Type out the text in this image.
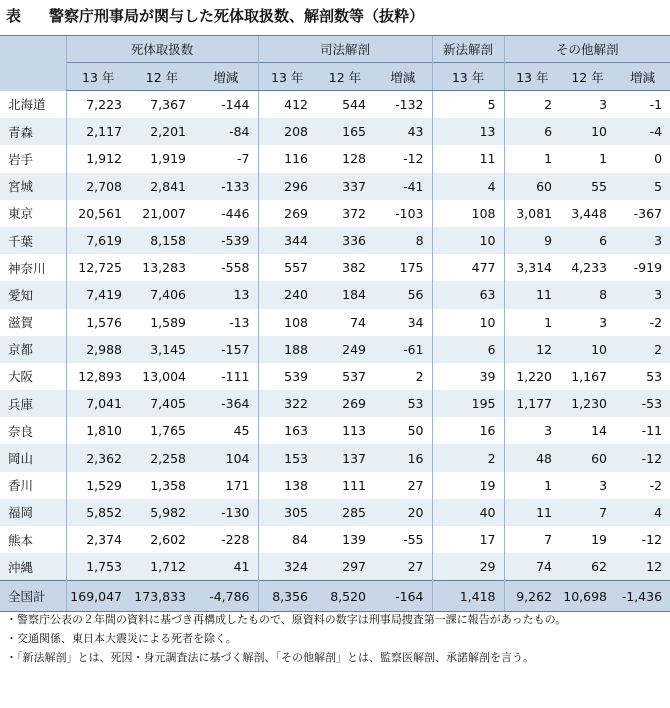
表 警察庁刑事局が関与した死体取扱数、解剖数等（抜粋）
	死体取扱数			司法解剖			新法解剖	その他解剖		
	13 年	12 年	増減	13 年	12 年	増減	13 年	13 年	12 年	増減
北海道	7,223	7,367	-144	412	544	-132	5	2	3	-1
青森	2,117	2,201	-84	208	165	43	13	6	10	-4
岩手	1,912	1,919	-7	116	128	-12	11	1	1	0
宮城	2,708	2,841	-133	296	337	-41	4	60	55	5
東京	20,561	21,007	-446	269	372	-103	108	3,081	3,448	-367
千葉	7,619	8,158	-539	344	336	8	10	9	6	3
神奈川	12,725	13,283	-558	557	382	175	477	3,314	4,233	-919
愛知	7,419	7,406	13	240	184	56	63	11	8	3
滋賀	1,576	1,589	-13	108	74	34	10	1	3	-2
京都	2,988	3,145	-157	188	249	-61	6	12	10	2
大阪	12,893	13,004	-111	539	537	2	39	1,220	1,167	53
兵庫	7,041	7,405	-364	322	269	53	195	1,177	1,230	-53
奈良	1,810	1,765	45	163	113	50	16	3	14	-11
岡山	2,362	2,258	104	153	137	16	2	48	60	-12
香川	1,529	1,358	171	138	111	27	19	1	3	-2
福岡	5,852	5,982	-130	305	285	20	40	11	7	4
熊本	2,374	2,602	-228	84	139	-55	17	7	19	-12
沖縄	1,753	1,712	41	324	297	27	29	74	62	12
全国計	169,047	173,833	-4,786	8,356	8,520	-164	1,418	9,262	10,698	-1,436
・警察庁公表の２年間の資料に基づき再構成したもので、原資料の数字は刑事局捜査第一課に報告があったもの。
・交通関係、東日本大震災による死者を除く。
・「新法解剖」とは、死因・身元調査法に基づく解剖、「その他解剖」とは、監察医解剖、承諾解剖を言う。
